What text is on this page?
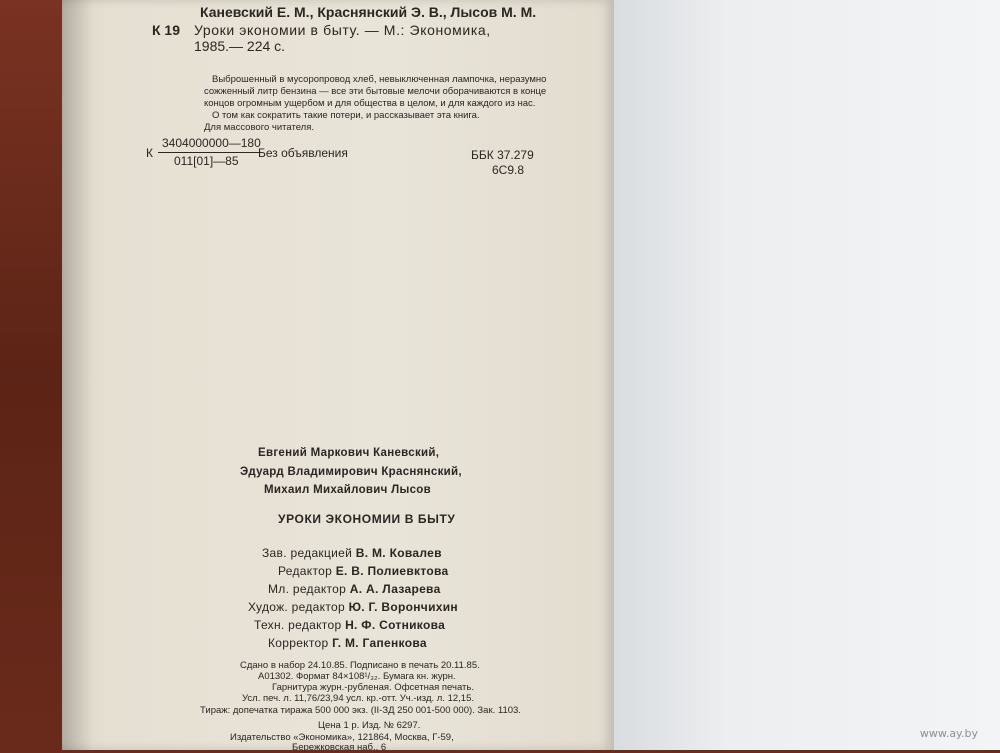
Каневский Е. М., Краснянский Э. В., Лысов М. М.
К 19 Уроки экономии в быту. — М.: Экономика,
1985.— 224 с.
Выброшенный в мусоропровод хлеб, невыключенная лампочка, неразумно
сожженный литр бензина — все эти бытовые мелочи оборачиваются в конце
концов огромным ущербом и для общества в целом, и для каждого из нас.
О том как сократить такие потери, и рассказывает эта книга.
Для массового читателя.
К
3404000000—180
011[01]—85
Без объявления	ББК 37.279
6С9.8
Евгений Маркович Каневский,
Эдуард Владимирович Краснянский,
Михаил Михайлович Лысов
УРОКИ ЭКОНОМИИ В БЫТУ
Зав. редакцией В. М. Ковалев
Редактор Е. В. Полиевктова
Мл. редактор А. А. Лазарева
Худож. редактор Ю. Г. Ворончихин
Техн. редактор Н. Ф. Сотникова
Корректор Г. М. Гапенкова
Сдано в набор 24.10.85. Подписано в печать 20.11.85.
А01302. Формат 84×108¹/₃₂. Бумага кн. журн.
Гарнитура журн.-рубленая. Офсетная печать.
Усл. печ. л. 11,76/23,94 усл. кр.-отт. Уч.-изд. л. 12,15.
Тираж: допечатка тиража 500 000 экз. (II-ЗД 250 001-500 000). Зак. 1103.
Цена 1 р. Изд. № 6297.
Издательство «Экономика», 121864, Москва, Г-59,
Бережковская наб., 6
www.ay.by
